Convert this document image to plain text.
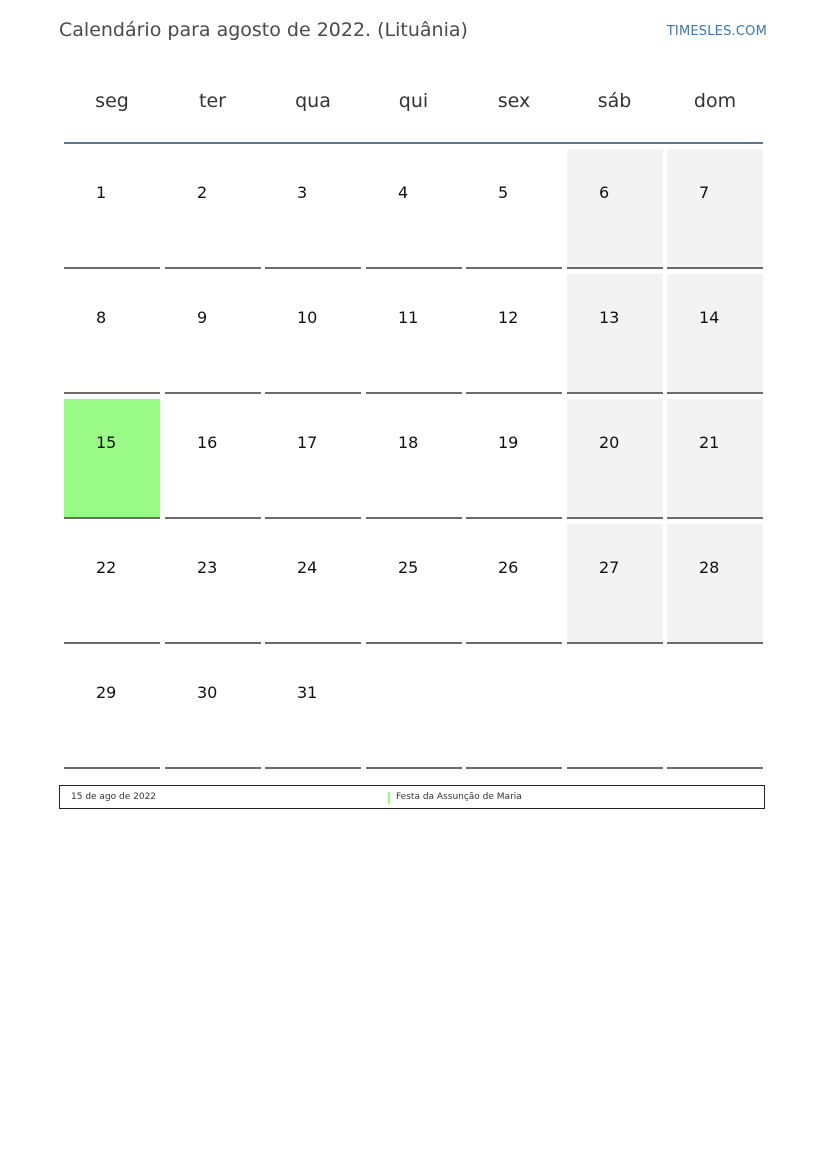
Calendário para agosto de 2022. (Lituânia)	TIMESLES.COM
seg	ter	qua	qui	sex	sáb	dom
1	2	3	4	5	6	7
8	9	10	11	12	13	14
15	16	17	18	19	20	21
22	23	24	25	26	27	28
29	30	31
15 de ago de 2022	Festa da Assunção de Maria
